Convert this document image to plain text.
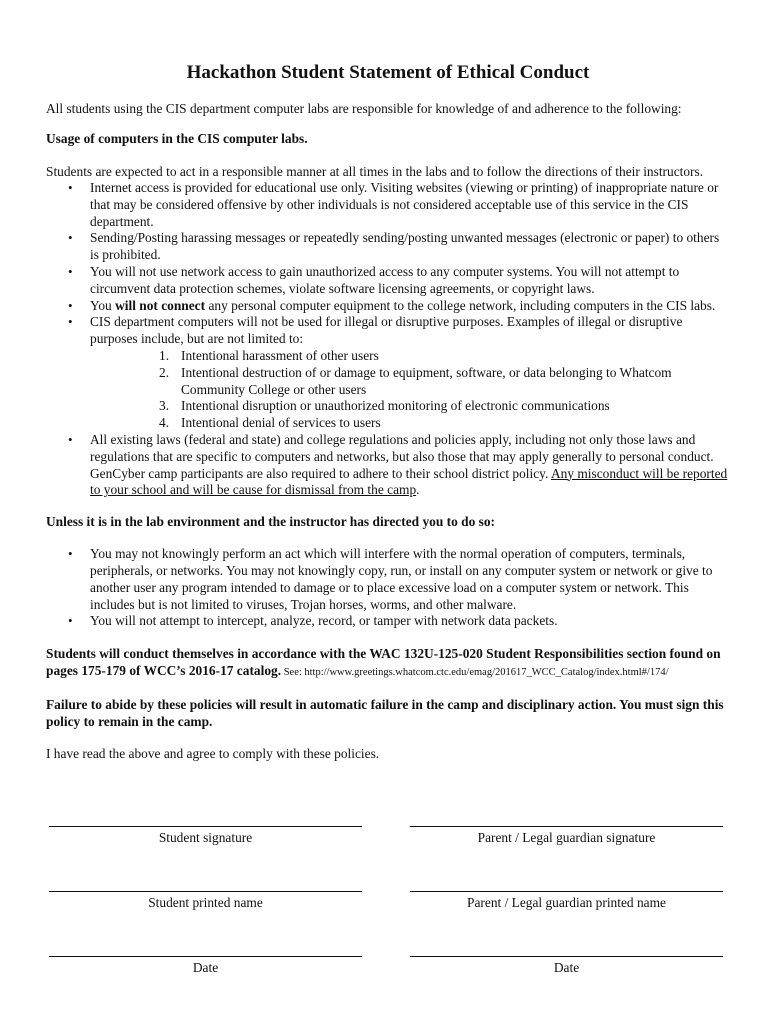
Hackathon Student Statement of Ethical Conduct

All students using the CIS department computer labs are responsible for knowledge of and adherence to the following:

Usage of computers in the CIS computer labs.

Students are expected to act in a responsible manner at all times in the labs and to follow the directions of their instructors.

• Internet access is provided for educational use only. Visiting websites (viewing or printing) of inappropriate nature or that may be considered offensive by other individuals is not considered acceptable use of this service in the CIS department.
• Sending/Posting harassing messages or repeatedly sending/posting unwanted messages (electronic or paper) to others is prohibited.
• You will not use network access to gain unauthorized access to any computer systems. You will not attempt to circumvent data protection schemes, violate software licensing agreements, or copyright laws.
• You will not connect any personal computer equipment to the college network, including computers in the CIS labs.
• CIS department computers will not be used for illegal or disruptive purposes. Examples of illegal or disruptive purposes include, but are not limited to:
1. Intentional harassment of other users
2. Intentional destruction of or damage to equipment, software, or data belonging to Whatcom Community College or other users
3. Intentional disruption or unauthorized monitoring of electronic communications
4. Intentional denial of services to users
• All existing laws (federal and state) and college regulations and policies apply, including not only those laws and regulations that are specific to computers and networks, but also those that may apply generally to personal conduct. GenCyber camp participants are also required to adhere to their school district policy. Any misconduct will be reported to your school and will be cause for dismissal from the camp.

Unless it is in the lab environment and the instructor has directed you to do so:

• You may not knowingly perform an act which will interfere with the normal operation of computers, terminals, peripherals, or networks. You may not knowingly copy, run, or install on any computer system or network or give to another user any program intended to damage or to place excessive load on a computer system or network. This includes but is not limited to viruses, Trojan horses, worms, and other malware.
• You will not attempt to intercept, analyze, record, or tamper with network data packets.

Students will conduct themselves in accordance with the WAC 132U-125-020 Student Responsibilities section found on pages 175-179 of WCC’s 2016-17 catalog. See: http://www.greetings.whatcom.ctc.edu/emag/201617_WCC_Catalog/index.html#/174/

Failure to abide by these policies will result in automatic failure in the camp and disciplinary action. You must sign this policy to remain in the camp.

I have read the above and agree to comply with these policies.

Student signature	Parent / Legal guardian signature
Student printed name	Parent / Legal guardian printed name
Date	Date
